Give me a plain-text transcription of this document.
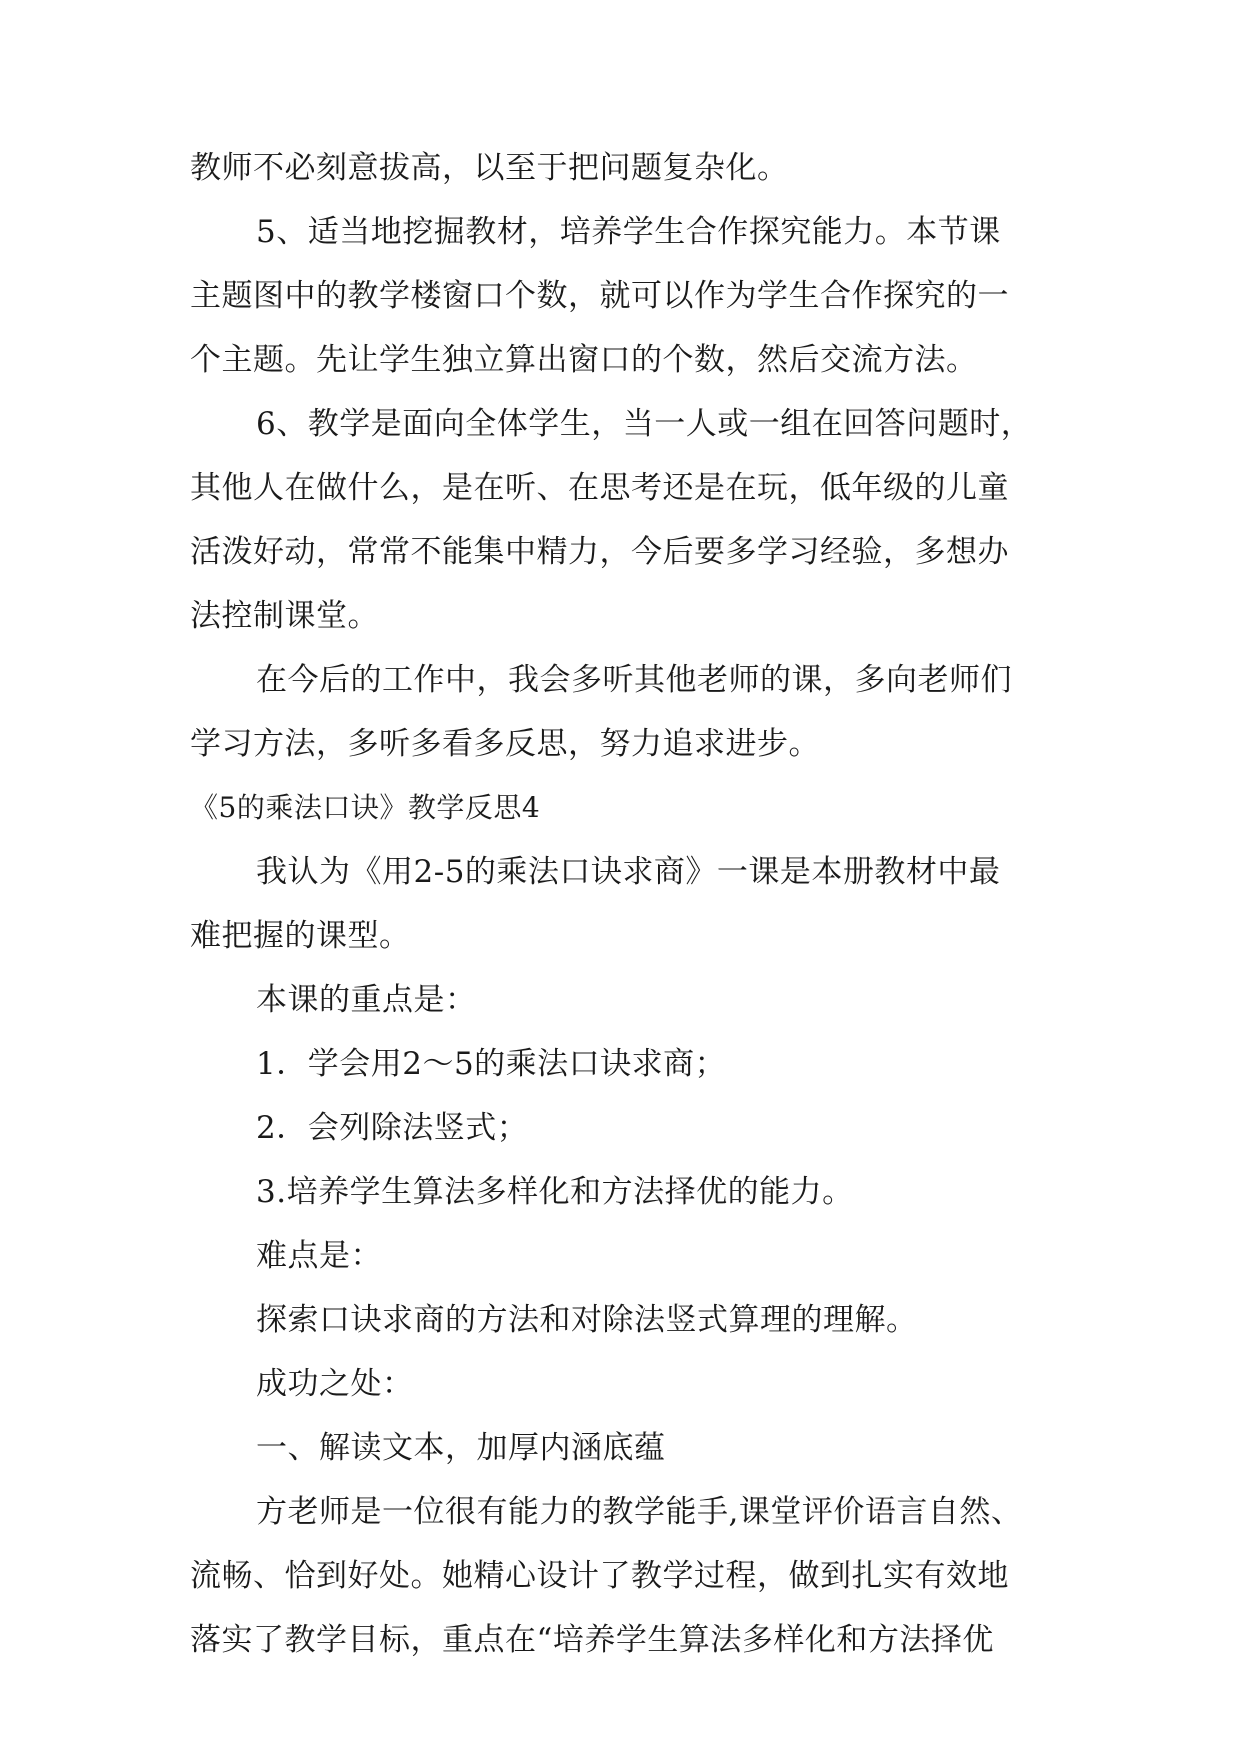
教师不必刻意拔高，以至于把问题复杂化。
5、适当地挖掘教材，培养学生合作探究能力。本节课
主题图中的教学楼窗口个数，就可以作为学生合作探究的一
个主题。先让学生独立算出窗口的个数，然后交流方法。
6、教学是面向全体学生，当一人或一组在回答问题时，
其他人在做什么，是在听、在思考还是在玩，低年级的儿童
活泼好动，常常不能集中精力，今后要多学习经验，多想办
法控制课堂。
在今后的工作中，我会多听其他老师的课，多向老师们
学习方法，多听多看多反思，努力追求进步。
《5的乘法口诀》教学反思4
我认为《用2-5的乘法口诀求商》一课是本册教材中最
难把握的课型。
本课的重点是：
1．学会用2～5的乘法口诀求商；
2．会列除法竖式；
3.培养学生算法多样化和方法择优的能力。
难点是：
探索口诀求商的方法和对除法竖式算理的理解。
成功之处：
一、解读文本，加厚内涵底蕴
方老师是一位很有能力的教学能手,课堂评价语言自然、
流畅、恰到好处。她精心设计了教学过程，做到扎实有效地
落实了教学目标，重点在“培养学生算法多样化和方法择优
